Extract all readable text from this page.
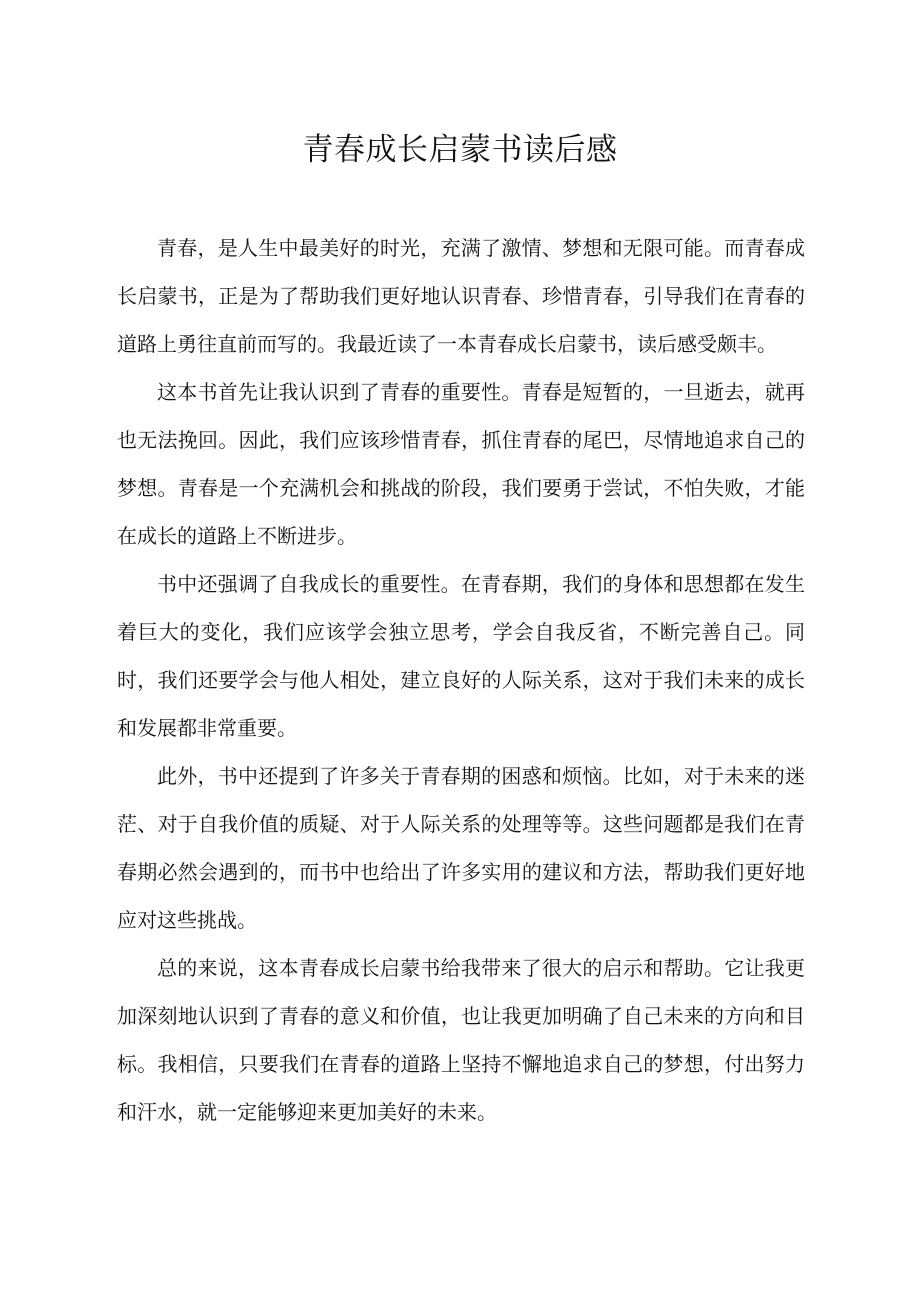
青春成长启蒙书读后感

青春，是人生中最美好的时光，充满了激情、梦想和无限可能。而青春成长启蒙书，正是为了帮助我们更好地认识青春、珍惜青春，引导我们在青春的道路上勇往直前而写的。我最近读了一本青春成长启蒙书，读后感受颇丰。

这本书首先让我认识到了青春的重要性。青春是短暂的，一旦逝去，就再也无法挽回。因此，我们应该珍惜青春，抓住青春的尾巴，尽情地追求自己的梦想。青春是一个充满机会和挑战的阶段，我们要勇于尝试，不怕失败，才能在成长的道路上不断进步。

书中还强调了自我成长的重要性。在青春期，我们的身体和思想都在发生着巨大的变化，我们应该学会独立思考，学会自我反省，不断完善自己。同时，我们还要学会与他人相处，建立良好的人际关系，这对于我们未来的成长和发展都非常重要。

此外，书中还提到了许多关于青春期的困惑和烦恼。比如，对于未来的迷茫、对于自我价值的质疑、对于人际关系的处理等等。这些问题都是我们在青春期必然会遇到的，而书中也给出了许多实用的建议和方法，帮助我们更好地应对这些挑战。

总的来说，这本青春成长启蒙书给我带来了很大的启示和帮助。它让我更加深刻地认识到了青春的意义和价值，也让我更加明确了自己未来的方向和目标。我相信，只要我们在青春的道路上坚持不懈地追求自己的梦想，付出努力和汗水，就一定能够迎来更加美好的未来。
